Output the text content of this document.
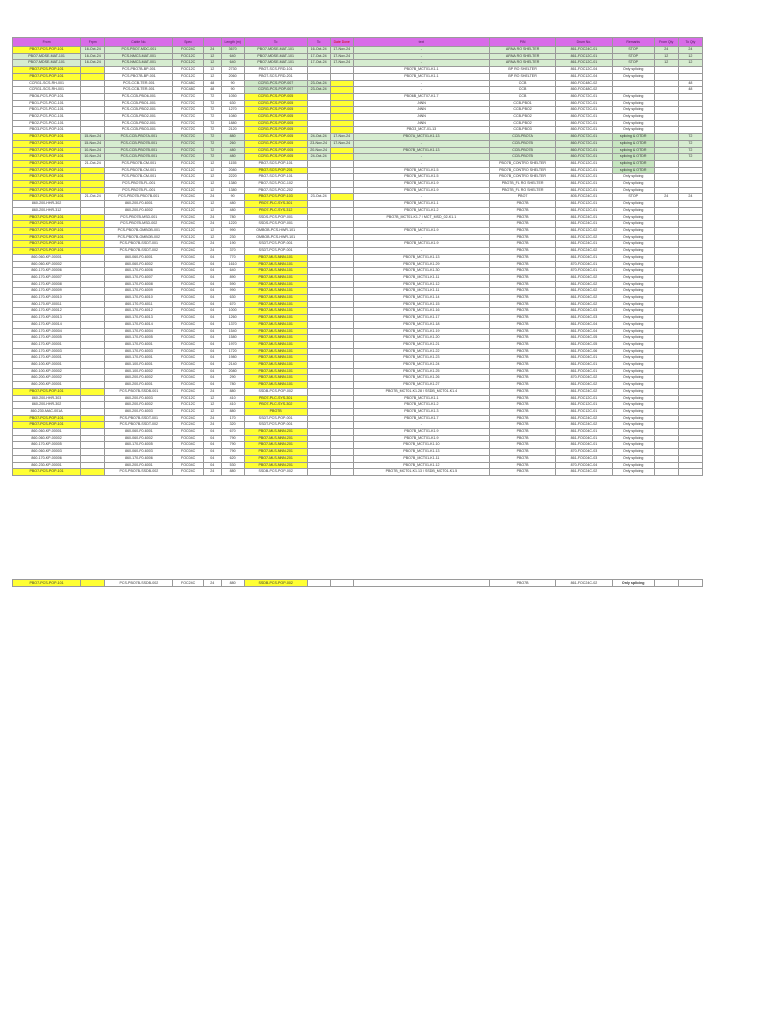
From	Frpm	Cable No.	Spec		Length (m)	To	To	Date Done	text	PIN	Drum No.	Remarks	From Qty	To Qty
PBO7-PCS-POP-101	16-Oct-24	PCS-PBO7-MDC-001	FOC24C	24	3670	PBO7-MDSE-MAT-101	16-Oct-24	17-Nov-24	-	ARNA RO SHELTER	861-FOC24C-01	STOP	24	24
PBO7-MDSE-MAT-101	16-Oct-24	PCS-NMC3-MAT-001	FOC12C	12	640	PBO7-MDSE-MAT-101	17-Oct-24	17-Nov-24	-	ARNA RO SHELTER	861-FOC12C-01	STOP	12	12
PBO7-MDSE-MAT-101	16-Oct-24	PCS-NMC3-MAT-001	FOC12C	12	640	PBO7-MDSE-MAT-101	17-Oct-24	17-Nov-24	-	ARNA RO SHELTER	861-FOC12C-01	STOP	12	12
PBO7-PCS-POP-101		PCS-PBO7B-BP-001	FOC12C	12	2730	PBO7-SCS-FRD-101			PBO7B_MCT01-K1.1	BP RO SHELTER	861-FOC12C-04	Only splicing		
PBO7-PCS-POP-101		PCS-PBO7B-BP-001	FOC12C	12	2060	PBO7-SCS-FRD-201			PBO7B_MCT01-K1.1	BP RO SHELTER	861-FOC12C-04	Only splicing		
CCRG1-SCS-RH-001		PCS-CCB-TER-001	FOC48C	48	90	CCRG-PCS-POP-007	23-Oct-24		-	CCB	860-FOC48C-02			48
CCRG1-SCS-RH-001		PCS-CCB-TER-001	FOC48C	48	90	CCRG-PCS-POP-007	23-Oct-24		-	CCB	860-FOC48C-02			48
PBO6-PCS-POP-101		PCS-CCB-PBO6-001	FOC72C	72	1050	CCRG-PCS-POP-005			PBO6B_MCT07-K1.7	CCB	860-FOC72C-01	Only splicing		
PBO1-PCS-POC-101		PCS-CCB-PBO1-001	FOC72C	72	630	CCRG-PCS-POP-005			-NNN	CCB-PBO1	860-FOC72C-01	Only splicing		
PBO1-PCS-POC-101		PCS-CCB-PBO2-001	FOC72C	72	1270	CCRG-PCS-POP-005			-NNN	CCB-PBO2	860-FOC72C-01	Only splicing		
PBO2-PCS-POC-101		PCS-CCB-PBO2-001	FOC72C	72	1080	CCRG-PCS-POP-005			-NNN	CCB-PBO2	860-FOC72C-01	Only splicing		
PBO2-PCS-POC-101		PCS-CCB-PBO2-001	FOC72C	72	1880	CCRG-PCS-POP-005			-NNN	CCB-PBO2	860-FOC72C-01	Only splicing		
PBO3-PCS-POP-101		PCS-CCB-PBO3-001	FOC72C	72	2120	CCRG-PCS-POP-005			PBO3_MCT-01-13	CCB-PBO3	860-FOC72C-01	Only splicing		
PBO7-PCS-POP-101	15-Nov-24	PCS-CCB-PBO7A-001	FOC72C	72	880	CCRG-PCS-POP-005	24-Oct-24	17-Nov-24	PBO7A_MCT01-K1.13	CCB-PBO7A	860-FOC72C-01	splicing & OTDR		72
PBO7-PCS-POP-101	15-Nov-24	PCS-CCB-PBO7B-001	FOC72C	72	260	CCRG-PCS-POP-005	23-Nov-24	17-Nov-24	-	CCB-PBO7B	860-FOC72C-01	splicing & OTDR		72
PBO7-PCS-POP-101	10-Nov-24	PCS-CCB-PBO7B-001	FOC72C	72	480	CCRG-PCS-POP-005	20-Nov-24		PBO7B_MCT01-K1.13	CCB-PBO7B	860-FOC72C-01	splicing & OTDR		72
PBO7-PCS-POP-101	10-Nov-24	PCS-CCB-PBO7B-001	FOC72C	72	480	CCRG-PCS-POP-005	24-Oct-24		-	CCB-PBO7B	860-FOC72C-01	splicing & OTDR		72
PBO7-PCS-POP-101	21-Oct-24	PCS-PBO7B-CM-001	FOC12C	12	1155	PBO7-SCS-POP-101			-	PBO7B_CONTRO SHELTER	861-FOC12C-01	splicing & OTDR		
PBO7-PCS-POP-101		PCS-PBO7B-CM-001	FOC12C	12	2080	PBO7-SCS-POP-201			PBO7B_MCT01-K1.5	PBO7B_CONTRO SHELTER	861-FOC12C-01	splicing & OTDR		
PBO7-PCS-POP-101		PCS-PBO7B-CM-001	FOC12C	12	2220	PBO7-SCS-POP-101			PBO7B_MCT01-K1.5	PBO7B_CONTRO SHELTER	861-FOC12C-01	Only splicing		
PBO7-PCS-POP-101		PCS-PBO7B-FL-001	FOC12C	12	1380	PBO7-SCS-POC-102			PBO7B_MCT01-K1.9	PBO7B_FL RO SHELTER	861-FOC12C-01	Only splicing		
PBO7-PCS-POP-101		PCS-PBO7B-FL-001	FOC12C	12	1380	PBO7-SCS-POC-202			PBO7B_MCT01-K1.9	PBO7B_FL RO SHELTER	861-FOC12C-01	Only splicing		
PBO7-PCS-POP-101	21-Oct-24	PCS-PBO7B-PBO7B-001	FOC24C	24	90	PBO7-PCS-POP-103	23-Oct-24		-	PBO7	805-FOC24C-01	STOP	24	24
860-200-HHR-302		860-200-F0-6001	FOC12C	12	480	PBO7-PLC-SYS-301			PBO7B_MCT01-K1.1	PBO7B	861-FOC12C-01	Only splicing		
860-200-HHR-312		860-200-F0-6002	FOC12C	12	480	PBO7-PLC-SYS-312			PBO7B_MCT01-K1.2	PBO7B	861-FOC12C-01	Only splicing		
PBO7-PCS-POP-101		PCS-PBO7B-MSD-001	FOC24C	24	780	SSDS-PCS-POP-001			PBO7B_MCT01-K1.7 / MCT_MSD_02-K1.1	PBO7B	861-FOC24C-01	Only splicing		
PBO7-PCS-POP-101		PCS-PBO7B-MSD-002	FOC24C	24	1220	SSDS-PCS-POP-001			-	PBO7B	861-FOC24C-01	Only splicing		
PBO7-PCS-POP-101		PCS-PBO7B-OMBOB-001	FOC12C	12	990	OMBOB-PCS-HWR-101			PBO7B_MCT01-K1.9	PBO7B	861-FOC12C-02	Only splicing		
PBO7-PCS-POP-101		PCS-PBO7B-OMBOB-002	FOC12C	12	230	OMBOB-PCS-HWR-101			-	PBO7B	861-FOC12C-02	Only splicing		
PBO7-PCS-POP-101		PCS-PBO7B-SSDT-001	FOC24C	24	190	SSDT-PCS-POP-001			PBO7B_MCT01-K1.9	PBO7B	861-FOC24C-01	Only splicing		
PBO7-PCS-POP-101		PCS-PBO7B-SSDT-002	FOC24C	24	370	SSDT-PCS-POP-001			-	PBO7B	861-FOC24C-02	Only splicing		
860-060-KP-00001		860-060-F0-6001	FOC04C	04	770	PBO7-MLS-NNN-101			PBO7B_MCT01-K1.13	PBO7B	861-FOC04C-01	Only splicing		
860-060-KP-00002		860-060-F0-6002	FOC04C	04	1610	PBO7-MLS-NNN-101			PBO7B_MCT01-K1.29	PBO7B	870-FOC04C-01	Only splicing		
860-170-KP-00006		860-170-F0-6006	FOC04C	04	640	PBO7-MLS-NNN-101			PBO7B_MCT01-K1.30	PBO7B	870-FOC04C-01	Only splicing		
860-170-KP-00007		860-170-F0-6007	FOC04C	04	890	PBO7-MLS-NNN-101			PBO7B_MCT01-K1.11	PBO7B	861-FOC04C-02	Only splicing		
860-170-KP-00008		860-170-F0-6008	FOC04C	04	590	PBO7-MLS-NNN-101			PBO7B_MCT01-K1.12	PBO7B	861-FOC04C-02	Only splicing		
860-170-KP-00009		860-170-F0-6009	FOC04C	04	990	PBO7-MLS-NNN-101			PBO7B_MCT01-K1.11	PBO7B	861-FOC04C-02	Only splicing		
860-170-KP-00010		860-170-F0-6010	FOC04C	04	630	PBO7-MLS-NNN-101			PBO7B_MCT01-K1.14	PBO7B	861-FOC04C-02	Only splicing		
860-170-KP-00011		860-170-F0-6011	FOC04C	04	670	PBO7-MLS-NNN-101			PBO7B_MCT01-K1.15	PBO7B	861-FOC04C-02	Only splicing		
860-170-KP-00012		860-170-F0-6012	FOC04C	04	1000	PBO7-MLS-NNN-101			PBO7B_MCT01-K1.16	PBO7B	861-FOC04C-03	Only splicing		
860-170-KP-00013		860-170-F0-6013	FOC04C	04	1260	PBO7-MLS-NNN-101			PBO7B_MCT01-K1.17	PBO7B	861-FOC04C-03	Only splicing		
860-170-KP-00014		860-170-F0-6014	FOC04C	04	1370	PBO7-MLS-NNN-101			PBO7B_MCT01-K1.18	PBO7B	861-FOC04C-04	Only splicing		
860-170-KP-00004		860-170-F0-6004	FOC04C	04	1540	PBO7-MLS-NNN-101			PBO7B_MCT01-K1.19	PBO7B	861-FOC04C-04	Only splicing		
860-170-KP-00005		860-170-F0-6005	FOC04C	04	1580	PBO7-MLS-NNN-101			PBO7B_MCT01-K1.20	PBO7B	861-FOC04C-05	Only splicing		
860-170-KP-00001		860-170-F0-6001	FOC04C	04	1970	PBO7-MLS-NNN-101			PBO7B_MCT01-K1.21	PBO7B	861-FOC04C-05	Only splicing		
860-170-KP-00003		860-170-F0-6003	FOC04C	04	1720	PBO7-MLS-NNN-101			PBO7B_MCT01-K1.22	PBO7B	861-FOC04C-06	Only splicing		
860-170-KP-00001		860-170-F0-6001	FOC04C	04	1980	PBO7-MLS-NNN-101			PBO7B_MCT01-K1.23	PBO7B	861-FOC04C-01	Only splicing		
860-100-KP-00001		860-100-F0-6001	FOC04C	04	2140	PBO7-MLS-NNN-101			PBO7B_MCT01-K1.24	PBO7B	861-FOC04C-01	Only splicing		
860-100-KP-00002		860-100-F0-6002	FOC04C	04	2080	PBO7-MLS-NNN-101			PBO7B_MCT01-K1.25	PBO7B	861-FOC04C-01	Only splicing		
860-200-KP-00002		860-200-F0-6002	FOC04C	04	290	PBO7-MLS-NNN-101			PBO7B_MCT01-K1.26	PBO7B	870-FOC04C-02	Only splicing		
860-200-KP-00001		860-200-F0-6001	FOC04C	04	780	PBO7-MLS-NNN-101			PBO7B_MCT01-K1.27	PBO7B	861-FOC04C-02	Only splicing		
PBO7-PCS-POP-101		PCS-PBO7B-SSDB-001	FOC24C	24	880	SSDB-PCS-POP-002			PBO7B_MCT01-K1.28 / SSDB_MCT01-K1.4	PBO7B	861-FOC24C-02	Only splicing		
860-200-HHR-303		860-200-F0-6003	FOC12C	12	410	PBO7-PLC-SYS-301			PBO7B_MCT01-K1.1	PBO7B	861-FOC12C-01	Only splicing		
860-200-HHR-302		860-200-F0-6002	FOC12C	12	410	PBO7-PLC-SYS-302			PBO7B_MCT01-K1.2	PBO7B	861-FOC12C-01	Only splicing		
860-230-MAC-001A		860-200-F0-6003	FOC12C	12	880	PBO7B			PBO7B_MCT01-K1.3	PBO7B	861-FOC12C-01	Only splicing		
PBO7-PCS-POP-101		PCS-PBO7B-SSDT-001	FOC24C	24	170	SSDT-PCS-POP-001			PBO7B_MCT01-K1.7	PBO7B	861-FOC24C-02	Only splicing		
PBO7-PCS-POP-101		PCS-PBO7B-SSDT-002	FOC24C	24	320	SSDT-PCS-POP-001			-	PBO7B	861-FOC24C-02	Only splicing		
860-060-KP-00001		860-060-F0-6001	FOC04C	04	670	PBO7-MLS-NNN-201			PBO7B_MCT01-K1.9	PBO7B	861-FOC04C-01	Only splicing		
860-060-KP-00002		860-060-F0-6002	FOC04C	04	790	PBO7-MLS-NNN-201			PBO7B_MCT01-K1.9	PBO7B	861-FOC04C-01	Only splicing		
860-170-KP-00005		860-170-F0-6005	FOC04C	04	790	PBO7-MLS-NNN-201			PBO7B_MCT01-K1.10	PBO7B	861-FOC04C-01	Only splicing		
860-060-KP-00003		860-060-F0-6003	FOC04C	04	790	PBO7-MLS-NNN-201			PBO7B_MCT01-K1.13	PBO7B	870-FOC04C-03	Only splicing		
860-170-KP-00006		860-170-F0-6006	FOC04C	04	620	PBO7-MLS-NNN-201			PBO7B_MCT01-K1.11	PBO7B	861-FOC04C-03	Only splicing		
860-230-KP-00001		860-200-F0-6001	FOC04C	04	530	PBO7-MLS-NNN-201			PBO7B_MCT01-K1.12	PBO7B	870-FOC04C-04	Only splicing		
PBO7-PCS-POP-101		PCS-PBO7B-SSDB-002	FOC24C	24	880	SSDB-PCS-POP-002			PBO7B_MCT01-K1.13 / SSDB_MCT01-K1.5	PBO7B	861-FOC24C-02	Only splicing		
PBO7-PCS-POP-101		PCS-PBO7B-SSDB-002	FOC24C	24	880	SSDB-PCS-POP-002				PBO7B	861-FOC24C-02	Only splicing		
